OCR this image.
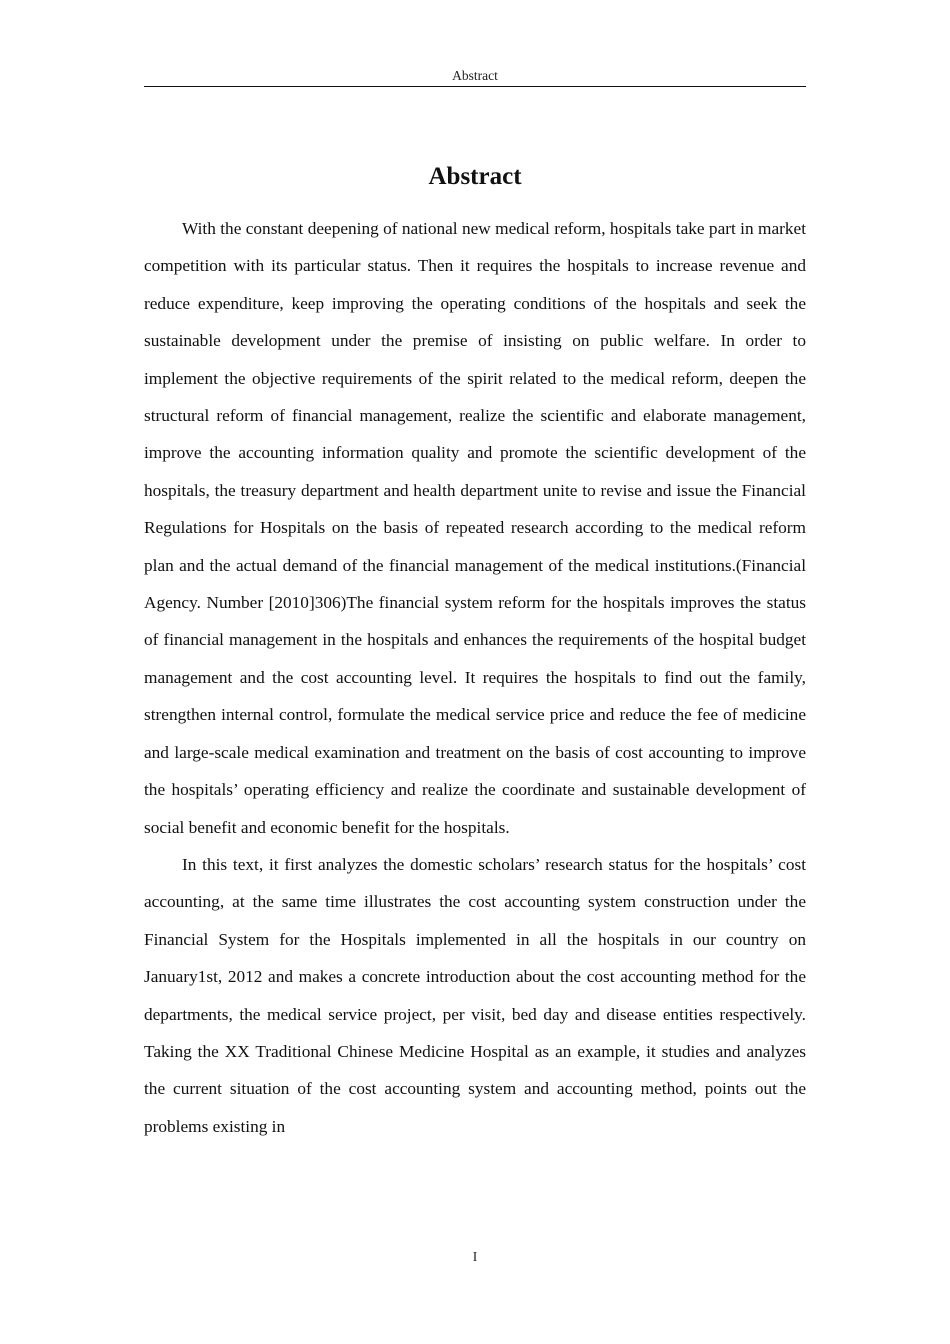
Abstract
Abstract

With the constant deepening of national new medical reform, hospitals take part in market competition with its particular status. Then it requires the hospitals to increase revenue and reduce expenditure, keep improving the operating conditions of the hospitals and seek the sustainable development under the premise of insisting on public welfare. In order to implement the objective requirements of the spirit related to the medical reform, deepen the structural reform of financial management, realize the scientific and elaborate management, improve the accounting information quality and promote the scientific development of the hospitals, the treasury department and health department unite to revise and issue the Financial Regulations for Hospitals on the basis of repeated research according to the medical reform plan and the actual demand of the financial management of the medical institutions.(Financial Agency. Number [2010]306)The financial system reform for the hospitals improves the status of financial management in the hospitals and enhances the requirements of the hospital budget management and the cost accounting level. It requires the hospitals to find out the family, strengthen internal control, formulate the medical service price and reduce the fee of medicine and large-scale medical examination and treatment on the basis of cost accounting to improve the hospitals’ operating efficiency and realize the coordinate and sustainable development of social benefit and economic benefit for the hospitals.

In this text, it first analyzes the domestic scholars’ research status for the hospitals’ cost accounting, at the same time illustrates the cost accounting system construction under the Financial System for the Hospitals implemented in all the hospitals in our country on January1st, 2012 and makes a concrete introduction about the cost accounting method for the departments, the medical service project, per visit, bed day and disease entities respectively. Taking the XX Traditional Chinese Medicine Hospital as an example, it studies and analyzes the current situation of the cost accounting system and accounting method, points out the problems existing in

I
